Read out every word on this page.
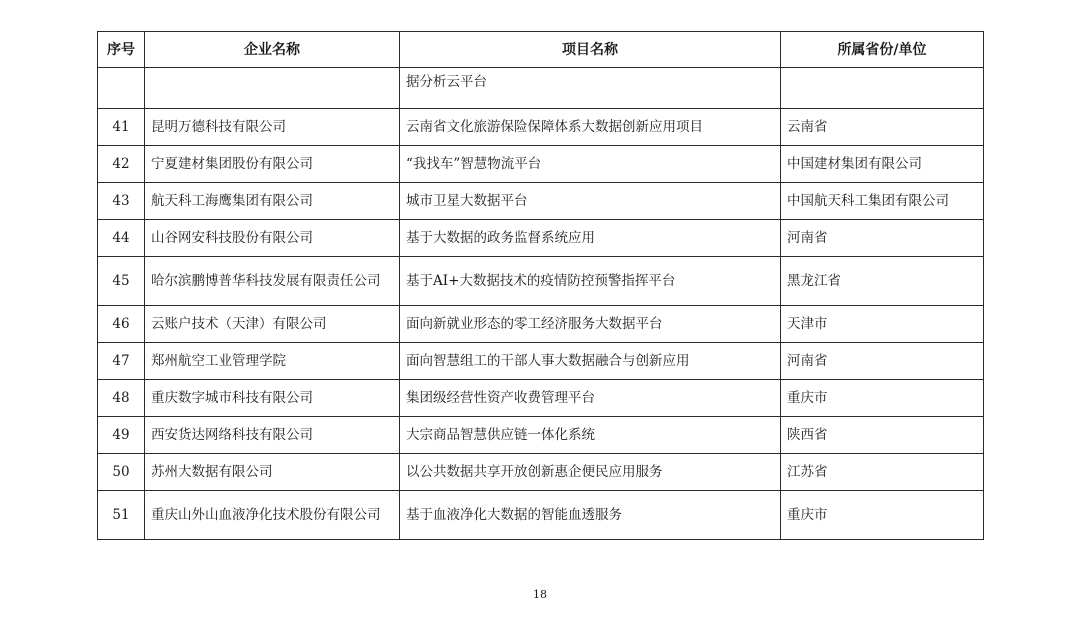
序号	企业名称	项目名称	所属省份/单位
		据分析云平台	
41	昆明万德科技有限公司	云南省文化旅游保险保障体系大数据创新应用项目	云南省
42	宁夏建材集团股份有限公司	“我找车”智慧物流平台	中国建材集团有限公司
43	航天科工海鹰集团有限公司	城市卫星大数据平台	中国航天科工集团有限公司
44	山谷网安科技股份有限公司	基于大数据的政务监督系统应用	河南省
45	哈尔滨鹏博普华科技发展有限责任公司	基于AI+大数据技术的疫情防控预警指挥平台	黑龙江省
46	云账户技术（天津）有限公司	面向新就业形态的零工经济服务大数据平台	天津市
47	郑州航空工业管理学院	面向智慧组工的干部人事大数据融合与创新应用	河南省
48	重庆数字城市科技有限公司	集团级经营性资产收费管理平台	重庆市
49	西安货达网络科技有限公司	大宗商品智慧供应链一体化系统	陕西省
50	苏州大数据有限公司	以公共数据共享开放创新惠企便民应用服务	江苏省
51	重庆山外山血液净化技术股份有限公司	基于血液净化大数据的智能血透服务	重庆市
18
